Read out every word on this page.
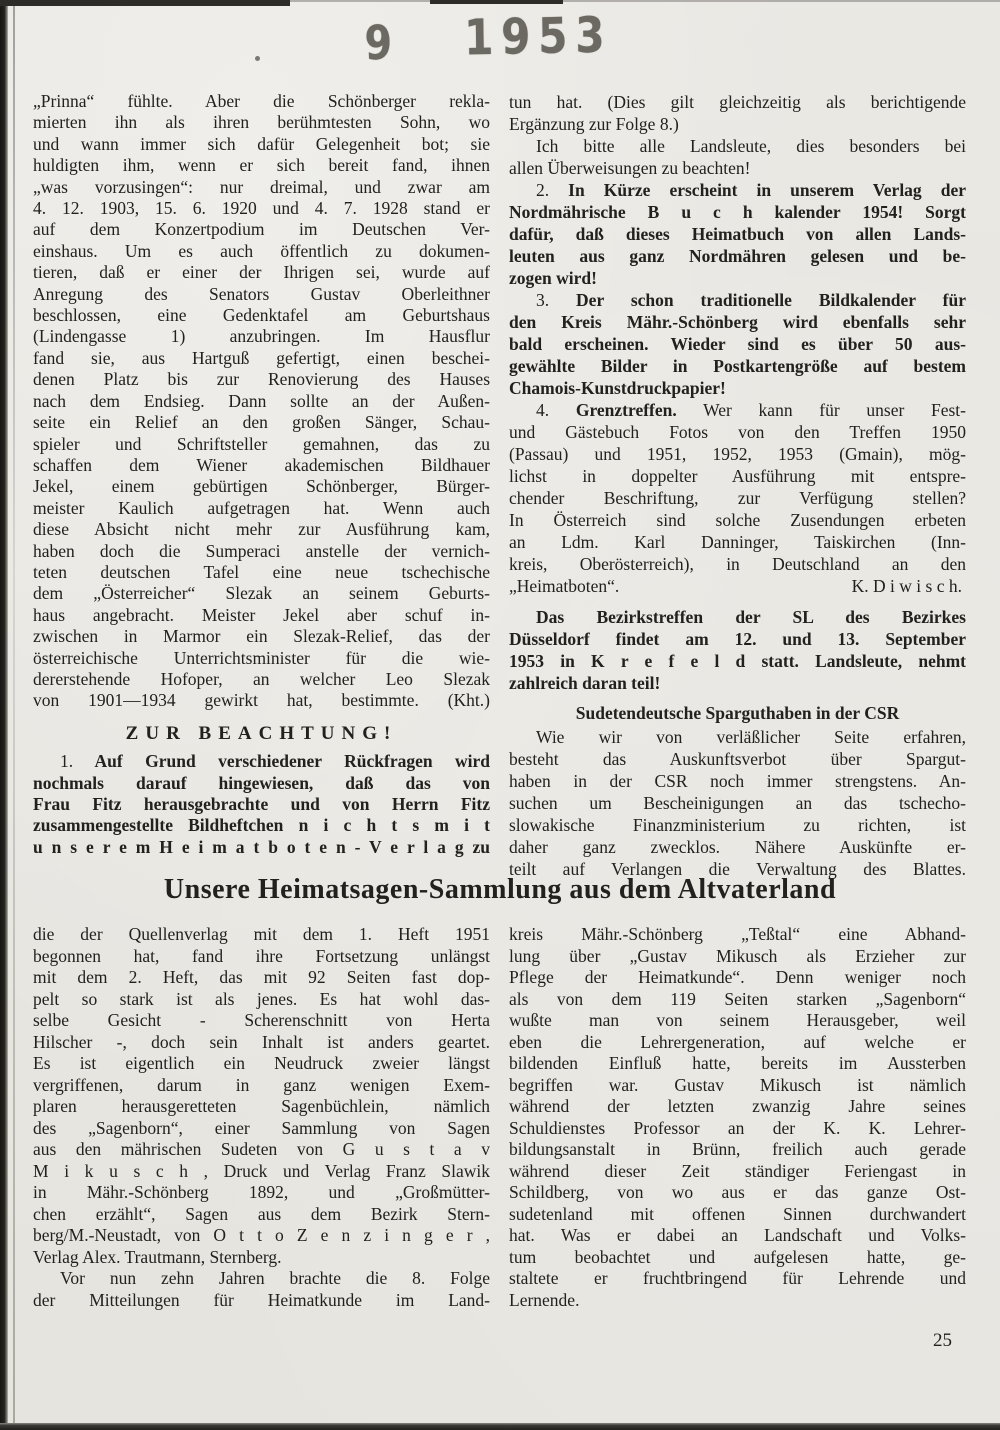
9 1953
„Prinna“ fühlte. Aber die Schönberger rekla-
mierten ihn als ihren berühmtesten Sohn, wo
und wann immer sich dafür Gelegenheit bot; sie
huldigten ihm, wenn er sich bereit fand, ihnen
„was vorzusingen“: nur dreimal, und zwar am
4. 12. 1903, 15. 6. 1920 und 4. 7. 1928 stand er
auf dem Konzertpodium im Deutschen Ver-
einshaus. Um es auch öffentlich zu dokumen-
tieren, daß er einer der Ihrigen sei, wurde auf
Anregung des Senators Gustav Oberleithner
beschlossen, eine Gedenktafel am Geburtshaus
(Lindengasse 1) anzubringen. Im Hausflur
fand sie, aus Hartguß gefertigt, einen beschei-
denen Platz bis zur Renovierung des Hauses
nach dem Endsieg. Dann sollte an der Außen-
seite ein Relief an den großen Sänger, Schau-
spieler und Schriftsteller gemahnen, das zu
schaffen dem Wiener akademischen Bildhauer
Jekel, einem gebürtigen Schönberger, Bürger-
meister Kaulich aufgetragen hat. Wenn auch
diese Absicht nicht mehr zur Ausführung kam,
haben doch die Sumperaci anstelle der vernich-
teten deutschen Tafel eine neue tschechische
dem „Österreicher“ Slezak an seinem Geburts-
haus angebracht. Meister Jekel aber schuf in-
zwischen in Marmor ein Slezak-Relief, das der
österreichische Unterrichtsminister für die wie-
dererstehende Hofoper, an welcher Leo Slezak
von 1901—1934 gewirkt hat, bestimmte. (Kht.)
ZUR BEACHTUNG!
1. Auf Grund verschiedener Rückfragen wird
nochmals darauf hingewiesen, daß das von
Frau Fitz herausgebrachte und von Herrn Fitz
zusammengestellte Bildheftchen n i c h t s m i t
u n s e r e m H e i m a t b o t e n - V e r l a g zu
tun hat. (Dies gilt gleichzeitig als berichtigende
Ergänzung zur Folge 8.)
Ich bitte alle Landsleute, dies besonders bei
allen Überweisungen zu beachten!
2. In Kürze erscheint in unserem Verlag der
Nordmährische B u c h kalender 1954! Sorgt
dafür, daß dieses Heimatbuch von allen Lands-
leuten aus ganz Nordmähren gelesen und be-
zogen wird!
3. Der schon traditionelle Bildkalender für
den Kreis Mähr.-Schönberg wird ebenfalls sehr
bald erscheinen. Wieder sind es über 50 aus-
gewählte Bilder in Postkartengröße auf bestem
Chamois-Kunstdruckpapier!
4. Grenztreffen. Wer kann für unser Fest-
und Gästebuch Fotos von den Treffen 1950
(Passau) und 1951, 1952, 1953 (Gmain), mög-
lichst in doppelter Ausführung mit entspre-
chender Beschriftung, zur Verfügung stellen?
In Österreich sind solche Zusendungen erbeten
an Ldm. Karl Danninger, Taiskirchen (Inn-
kreis, Oberösterreich), in Deutschland an den
„Heimatboten“.	K. D i w i s c h.
Das Bezirkstreffen der SL des Bezirkes
Düsseldorf findet am 12. und 13. September
1953 in K r e f e l d statt. Landsleute, nehmt
zahlreich daran teil!
Sudetendeutsche Sparguthaben in der CSR
Wie wir von verläßlicher Seite erfahren,
besteht das Auskunftsverbot über Spargut-
haben in der CSR noch immer strengstens. An-
suchen um Bescheinigungen an das tschecho-
slowakische Finanzministerium zu richten, ist
daher ganz zwecklos. Nähere Auskünfte er-
teilt auf Verlangen die Verwaltung des Blattes.
Unsere Heimatsagen-Sammlung aus dem Altvaterland
die der Quellenverlag mit dem 1. Heft 1951
begonnen hat, fand ihre Fortsetzung unlängst
mit dem 2. Heft, das mit 92 Seiten fast dop-
pelt so stark ist als jenes. Es hat wohl das-
selbe Gesicht - Scherenschnitt von Herta
Hilscher -, doch sein Inhalt ist anders geartet.
Es ist eigentlich ein Neudruck zweier längst
vergriffenen, darum in ganz wenigen Exem-
plaren herausgeretteten Sagenbüchlein, nämlich
des „Sagenborn“, einer Sammlung von Sagen
aus den mährischen Sudeten von G u s t a v
M i k u s c h , Druck und Verlag Franz Slawik
in Mähr.-Schönberg 1892, und „Großmütter-
chen erzählt“, Sagen aus dem Bezirk Stern-
berg/M.-Neustadt, von O t t o Z e n z i n g e r ,
Verlag Alex. Trautmann, Sternberg.
Vor nun zehn Jahren brachte die 8. Folge
der Mitteilungen für Heimatkunde im Land-
kreis Mähr.-Schönberg „Teßtal“ eine Abhand-
lung über „Gustav Mikusch als Erzieher zur
Pflege der Heimatkunde“. Denn weniger noch
als von dem 119 Seiten starken „Sagenborn“
wußte man von seinem Herausgeber, weil
eben die Lehrergeneration, auf welche er
bildenden Einfluß hatte, bereits im Aussterben
begriffen war. Gustav Mikusch ist nämlich
während der letzten zwanzig Jahre seines
Schuldienstes Professor an der K. K. Lehrer-
bildungsanstalt in Brünn, freilich auch gerade
während dieser Zeit ständiger Feriengast in
Schildberg, von wo aus er das ganze Ost-
sudetenland mit offenen Sinnen durchwandert
hat. Was er dabei an Landschaft und Volks-
tum beobachtet und aufgelesen hatte, ge-
staltete er fruchtbringend für Lehrende und
Lernende.
25
